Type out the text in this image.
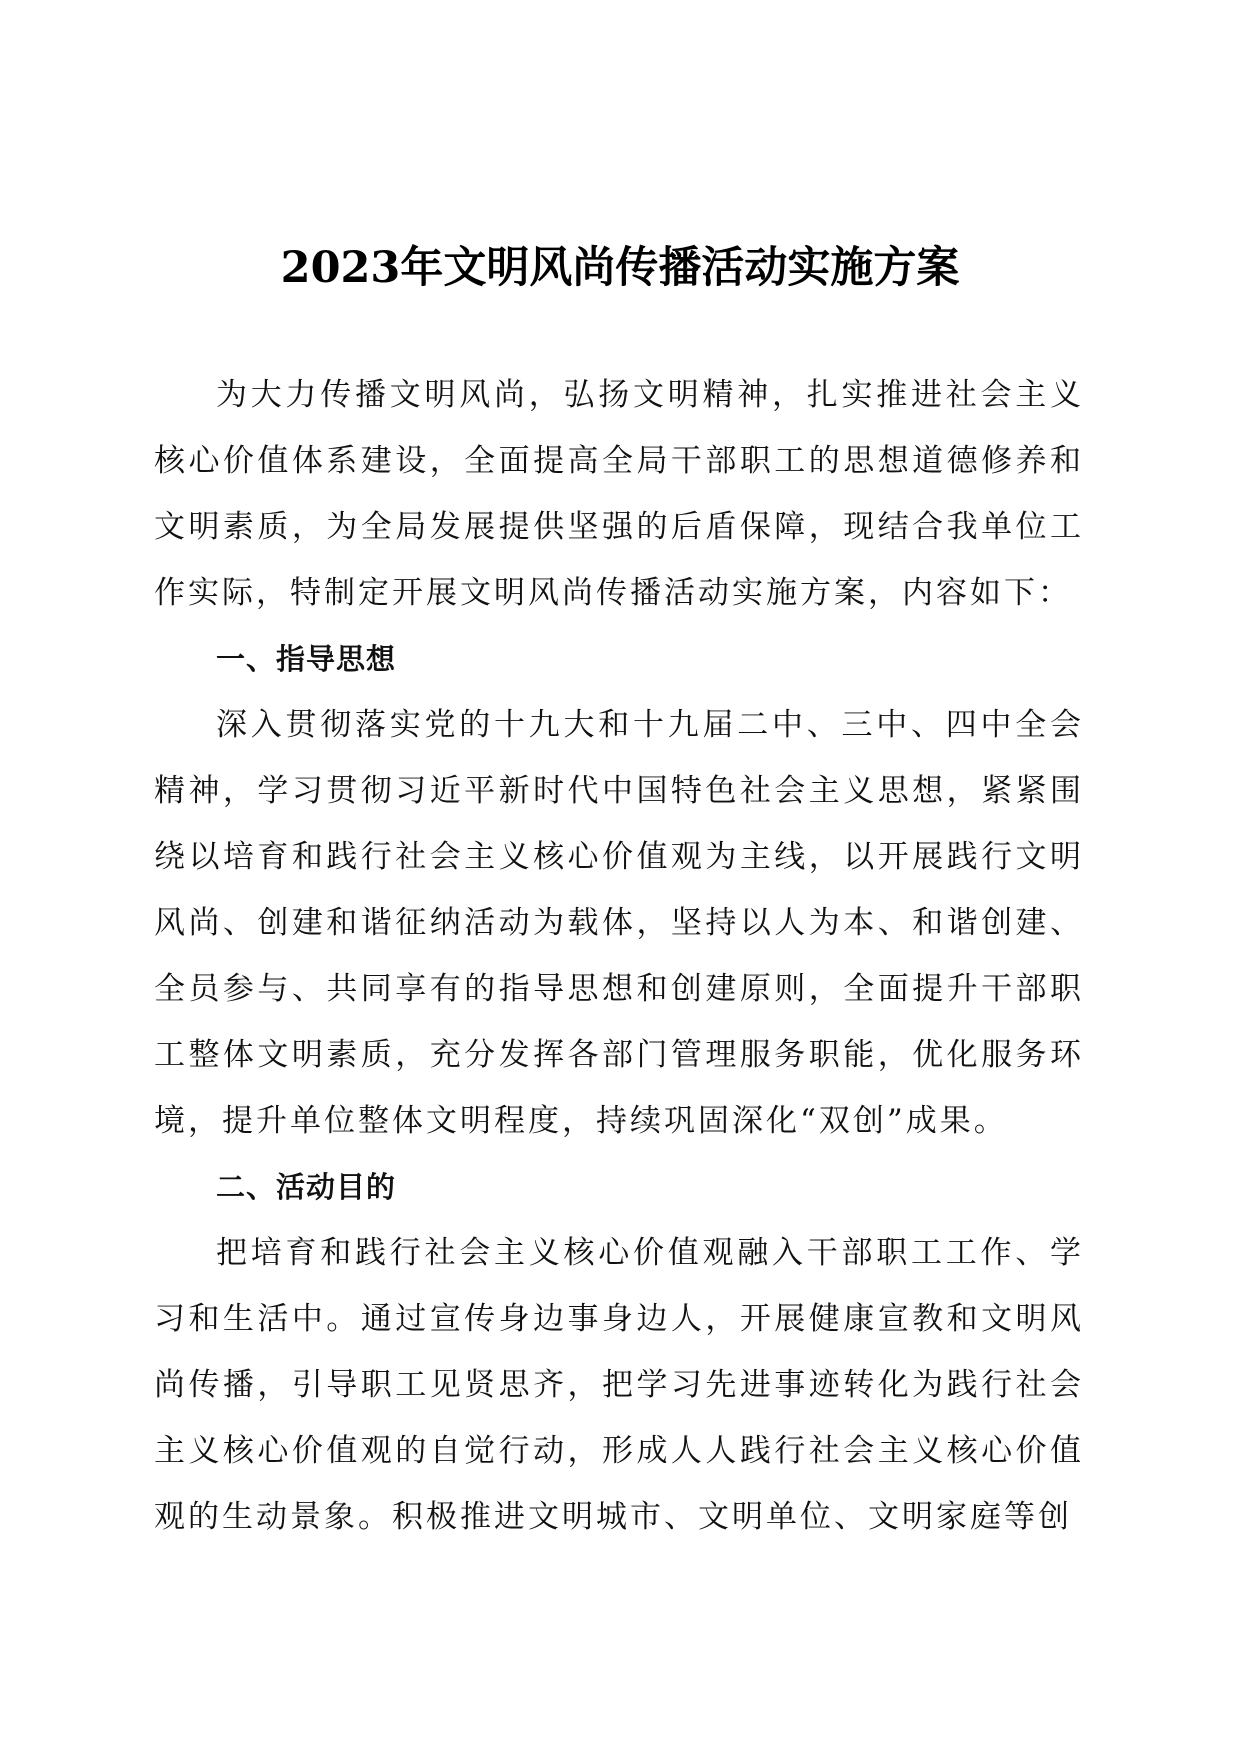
2023年文明风尚传播活动实施方案

为大力传播文明风尚，弘扬文明精神，扎实推进社会主义核心价值体系建设，全面提高全局干部职工的思想道德修养和文明素质，为全局发展提供坚强的后盾保障，现结合我单位工作实际，特制定开展文明风尚传播活动实施方案，内容如下：

一、指导思想

深入贯彻落实党的十九大和十九届二中、三中、四中全会精神，学习贯彻习近平新时代中国特色社会主义思想，紧紧围绕以培育和践行社会主义核心价值观为主线，以开展践行文明风尚、创建和谐征纳活动为载体，坚持以人为本、和谐创建、全员参与、共同享有的指导思想和创建原则，全面提升干部职工整体文明素质，充分发挥各部门管理服务职能，优化服务环境，提升单位整体文明程度，持续巩固深化“双创”成果。

二、活动目的

把培育和践行社会主义核心价值观融入干部职工工作、学习和生活中。通过宣传身边事身边人，开展健康宣教和文明风尚传播，引导职工见贤思齐，把学习先进事迹转化为践行社会主义核心价值观的自觉行动，形成人人践行社会主义核心价值观的生动景象。积极推进文明城市、文明单位、文明家庭等创
